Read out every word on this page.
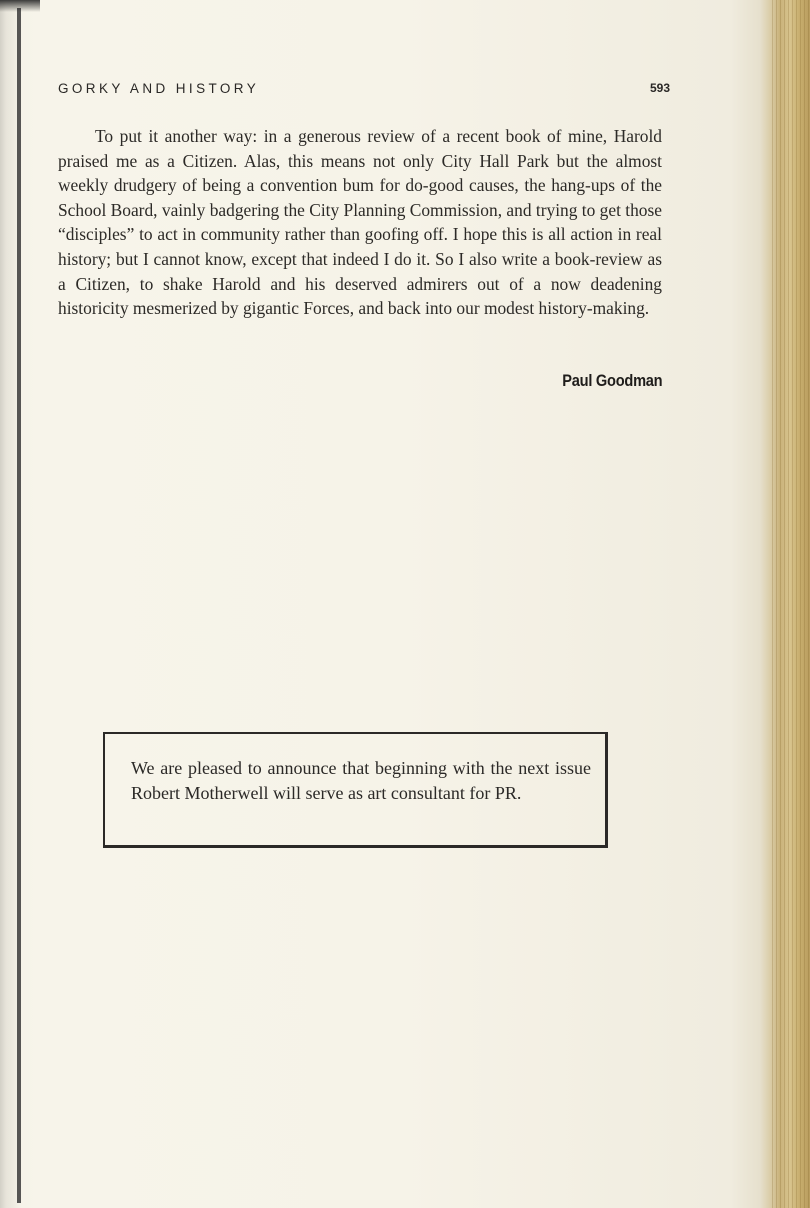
GORKY AND HISTORY	593

To put it another way: in a generous review of a recent book of mine, Harold praised me as a Citizen. Alas, this means not only City Hall Park but the almost weekly drudgery of being a convention bum for do-good causes, the hang-ups of the School Board, vainly badgering the City Planning Commission, and trying to get those “disciples” to act in community rather than goofing off. I hope this is all action in real history; but I cannot know, except that indeed I do it. So I also write a book-review as a Citizen, to shake Harold and his deserved admirers out of a now deadening historicity mesmerized by gigantic Forces, and back into our modest history-making.

Paul Goodman

We are pleased to announce that beginning with the next issue Robert Motherwell will serve as art consultant for PR.
